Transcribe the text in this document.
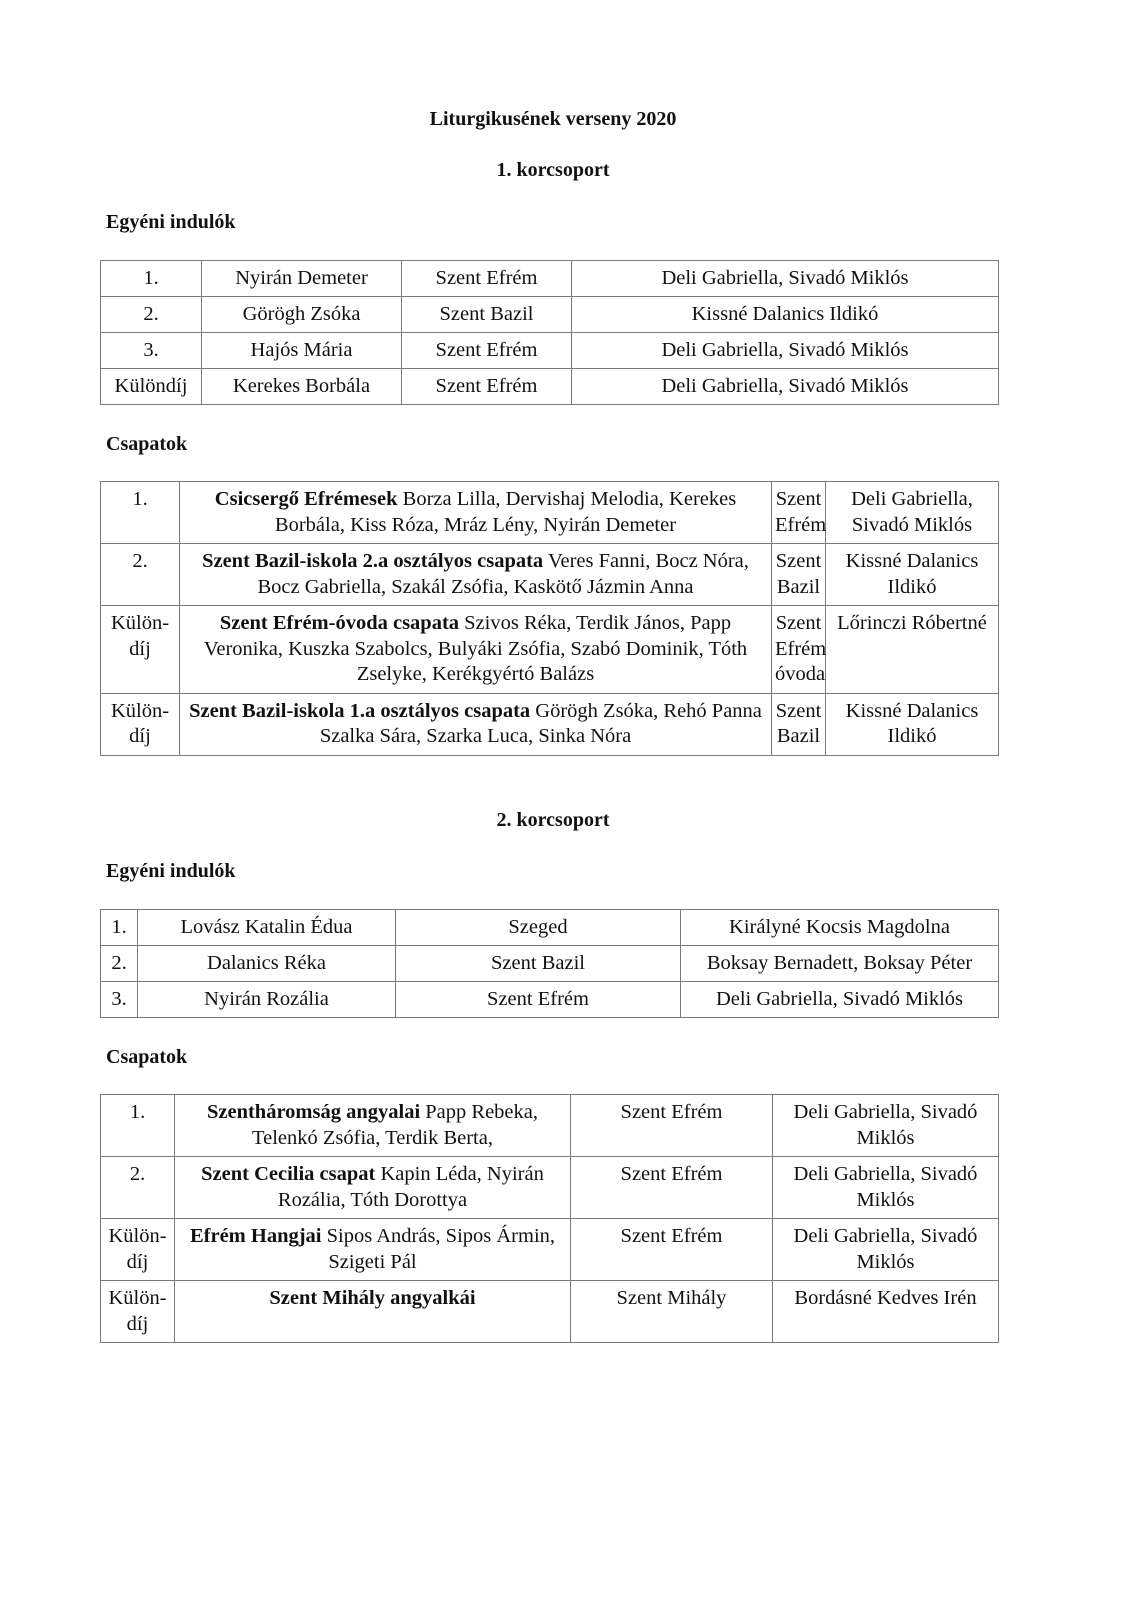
Liturgikusének verseny 2020
1. korcsoport
Egyéni indulók
1.	Nyirán Demeter	Szent Efrém	Deli Gabriella, Sivadó Miklós
2.	Görögh Zsóka	Szent Bazil	Kissné Dalanics Ildikó
3.	Hajós Mária	Szent Efrém	Deli Gabriella, Sivadó Miklós
Különdíj	Kerekes Borbála	Szent Efrém	Deli Gabriella, Sivadó Miklós
Csapatok
1.	Csicsergő Efrémesek Borza Lilla, Dervishaj Melodia, Kerekes Borbála, Kiss Róza, Mráz Lény, Nyirán Demeter	Szent Efrém	Deli Gabriella, Sivadó Miklós
2.	Szent Bazil-iskola 2.a osztályos csapata Veres Fanni, Bocz Nóra, Bocz Gabriella, Szakál Zsófia, Kaskötő Jázmin Anna	Szent Bazil	Kissné Dalanics Ildikó
Külön-díj	Szent Efrém-óvoda csapata Szivos Réka, Terdik János, Papp Veronika, Kuszka Szabolcs, Bulyáki Zsófia, Szabó Dominik, Tóth Zselyke, Kerékgyértó Balázs	Szent Efrém óvoda	Lőrinczi Róbertné
Külön-díj	Szent Bazil-iskola 1.a osztályos csapata Görögh Zsóka, Rehó Panna Szalka Sára, Szarka Luca, Sinka Nóra	Szent Bazil	Kissné Dalanics Ildikó
2. korcsoport
Egyéni indulók
1.	Lovász Katalin Édua	Szeged	Királyné Kocsis Magdolna
2.	Dalanics Réka	Szent Bazil	Boksay Bernadett, Boksay Péter
3.	Nyirán Rozália	Szent Efrém	Deli Gabriella, Sivadó Miklós
Csapatok
1.	Szentháromság angyalai Papp Rebeka, Telenkó Zsófia, Terdik Berta,	Szent Efrém	Deli Gabriella, Sivadó Miklós
2.	Szent Cecilia csapat Kapin Léda, Nyirán Rozália, Tóth Dorottya	Szent Efrém	Deli Gabriella, Sivadó Miklós
Külön-díj	Efrém Hangjai Sipos András, Sipos Ármin, Szigeti Pál	Szent Efrém	Deli Gabriella, Sivadó Miklós
Külön-díj	Szent Mihály angyalkái	Szent Mihály	Bordásné Kedves Irén
